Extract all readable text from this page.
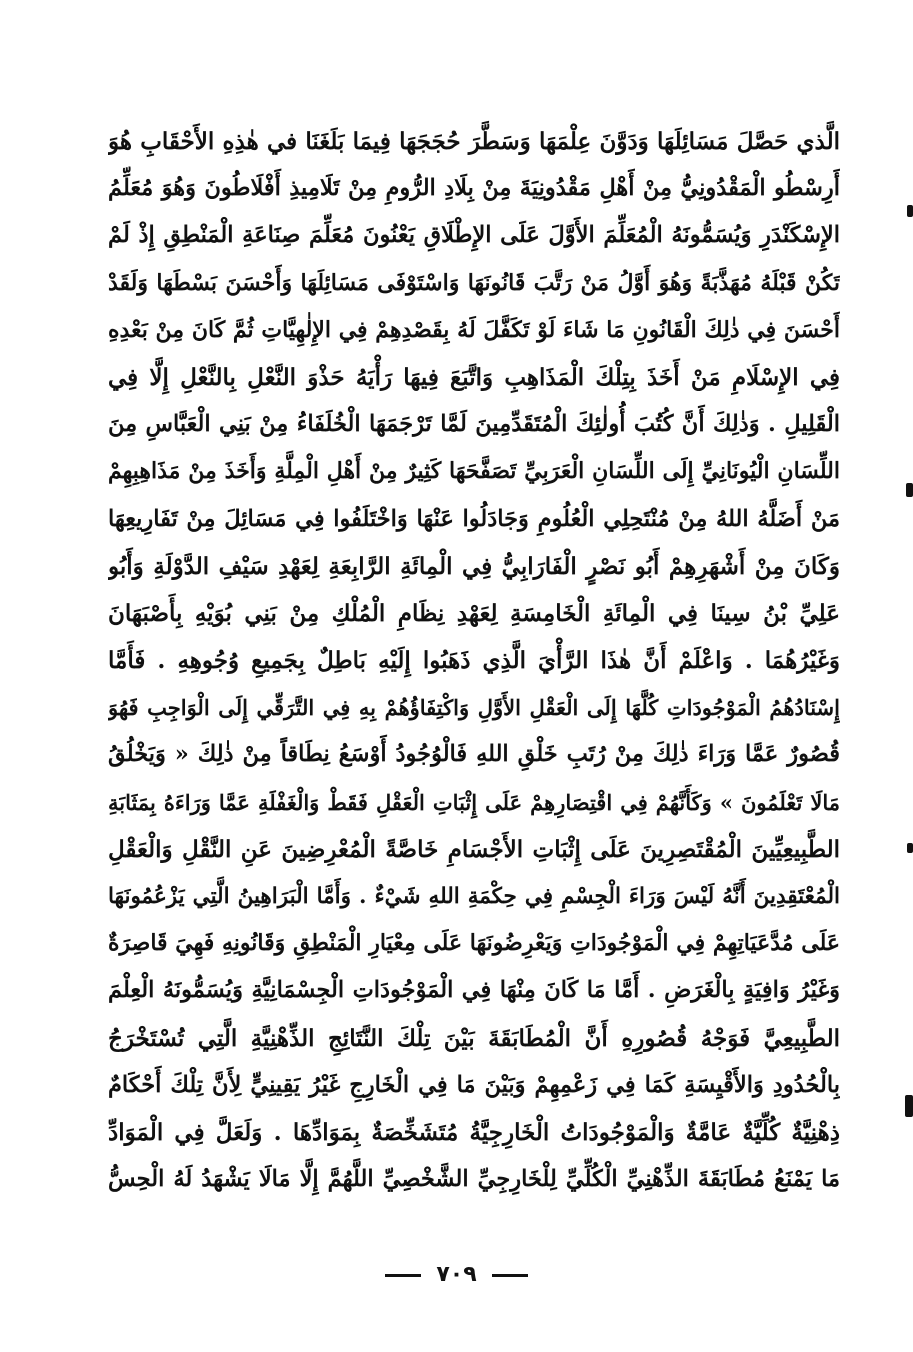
الَّذي حَصَّلَ مَسَائِلَهَا وَدَوَّنَ عِلْمَهَا وَسَطَّرَ حُجَجَهَا فِيمَا بَلَغَنَا في هٰذِهِ الأَحْقَابِ هُوَ
أَرِسْطُو الْمَقْدُونِيُّ مِنْ أَهْلِ مَقْدُونِيَةَ مِنْ بِلَادِ الرُّومِ مِنْ تَلَامِيذِ أَفْلَاطُونَ وَهُوَ مُعَلِّمُ
الإِسْكَنْدَرِ وَيُسَمُّونَهُ الْمُعَلِّمَ الأَوَّلَ عَلَى الإِطْلَاقِ يَعْنُونَ مُعَلِّمَ صِنَاعَةِ الْمَنْطِقِ إِذْ لَمْ
تَكُنْ قَبْلَهُ مُهَذَّبَةً وَهُوَ أَوَّلُ مَنْ رَتَّبَ قَانُونَهَا وَاسْتَوْفَى مَسَائِلَهَا وَأَحْسَنَ بَسْطَهَا وَلَقَدْ
أَحْسَنَ فِي ذٰلِكَ الْقَانُونِ مَا شَاءَ لَوْ تَكَفَّلَ لَهُ بِقَصْدِهِمْ فِي الإِلٰهِيَّاتِ ثُمَّ كَانَ مِنْ بَعْدِهِ
فِي الإِسْلَامِ مَنْ أَخَذَ بِتِلْكَ الْمَذَاهِبِ وَاتَّبَعَ فِيهَا رَأْيَهُ حَذْوَ النَّعْلِ بِالنَّعْلِ إِلَّا فِي
الْقَلِيلِ . وَذٰلِكَ أَنَّ كُتُبَ أُولٰئِكَ الْمُتَقَدِّمِينَ لَمَّا تَرْجَمَهَا الْخُلَفَاءُ مِنْ بَنِي الْعَبَّاسِ مِنَ
اللِّسَانِ الْيُونَانِيِّ إِلَى اللِّسَانِ الْعَرَبِيِّ تَصَفَّحَهَا كَثِيرٌ مِنْ أَهْلِ الْمِلَّةِ وَأَخَذَ مِنْ مَذَاهِبِهِمْ
مَنْ أَضَلَّهُ اللهُ مِنْ مُنْتَحِلِي الْعُلُومِ وَجَادَلُوا عَنْهَا وَاخْتَلَفُوا فِي مَسَائِلَ مِنْ تَفَارِيعِهَا
وَكَانَ مِنْ أَشْهَرِهِمْ أَبُو نَصْرٍ الْفَارَابِيُّ فِي الْمِائَةِ الرَّابِعَةِ لِعَهْدِ سَيْفِ الدَّوْلَةِ وَأَبُو
عَلِيِّ بْنُ سِينَا فِي الْمِائَةِ الْخَامِسَةِ لِعَهْدِ نِظَامِ الْمُلْكِ مِنْ بَنِي بُوَيْهِ بِأَصْبَهَانَ
وَغَيْرُهُمَا . وَاعْلَمْ أَنَّ هٰذَا الرَّأْيَ الَّذِي ذَهَبُوا إِلَيْهِ بَاطِلٌ بِجَمِيعِ وُجُوهِهِ . فَأَمَّا
إِسْنَادُهُمُ الْمَوْجُودَاتِ كُلَّهَا إِلَى الْعَقْلِ الأَوَّلِ وَاكْتِفَاؤُهُمْ بِهِ فِي التَّرَقِّي إِلَى الْوَاجِبِ فَهُوَ
قُصُورٌ عَمَّا وَرَاءَ ذٰلِكَ مِنْ رُتَبِ خَلْقِ اللهِ فَالْوُجُودُ أَوْسَعُ نِطَاقاً مِنْ ذٰلِكَ « وَيَخْلُقُ
مَالَا تَعْلَمُونَ » وَكَأَنَّهُمْ فِي اقْتِصَارِهِمْ عَلَى إِثْبَاتِ الْعَقْلِ فَقَطْ وَالْغَفْلَةِ عَمَّا وَرَاءَهُ بِمَثَابَةِ
الطَّبِيعِيِّينَ الْمُقْتَصِرِينَ عَلَى إِثْبَاتِ الأَجْسَامِ خَاصَّةً الْمُعْرِضِينَ عَنِ النَّقْلِ وَالْعَقْلِ
الْمُعْتَقِدِينَ أَنَّهُ لَيْسَ وَرَاءَ الْجِسْمِ فِي حِكْمَةِ اللهِ شَيْءٌ . وَأَمَّا الْبَرَاهِينُ الَّتِي يَزْعُمُونَهَا
عَلَى مُدَّعَيَاتِهِمْ فِي الْمَوْجُودَاتِ وَيَعْرِضُونَهَا عَلَى مِعْيَارِ الْمَنْطِقِ وَقَانُونِهِ فَهِيَ قَاصِرَةٌ
وَغَيْرُ وَافِيَةٍ بِالْغَرَضِ . أَمَّا مَا كَانَ مِنْهَا فِي الْمَوْجُودَاتِ الْجِسْمَانِيَّةِ وَيُسَمُّونَهُ الْعِلْمَ
الطَّبِيعِيَّ فَوَجْهُ قُصُورِهِ أَنَّ الْمُطَابَقَةَ بَيْنَ تِلْكَ النَّتَائِجِ الذِّهْنِيَّةِ الَّتِي تُسْتَخْرَجُ
بِالْحُدُودِ وَالأَقْيِسَةِ كَمَا فِي زَعْمِهِمْ وَبَيْنَ مَا فِي الْخَارِجِ غَيْرُ يَقِينِيٍّ لِأَنَّ تِلْكَ أَحْكَامٌ
ذِهْنِيَّةٌ كُلِّيَّةٌ عَامَّةٌ وَالْمَوْجُودَاتُ الْخَارِجِيَّةُ مُتَشَخِّصَةٌ بِمَوَادِّهَا . وَلَعَلَّ فِي الْمَوَادِّ
مَا يَمْنَعُ مُطَابَقَةَ الذِّهْنِيِّ الْكُلِّيِّ لِلْخَارِجِيِّ الشَّخْصِيِّ اللَّهُمَّ إِلَّا مَالَا يَشْهَدُ لَهُ الْحِسُّ
٧٠٩
